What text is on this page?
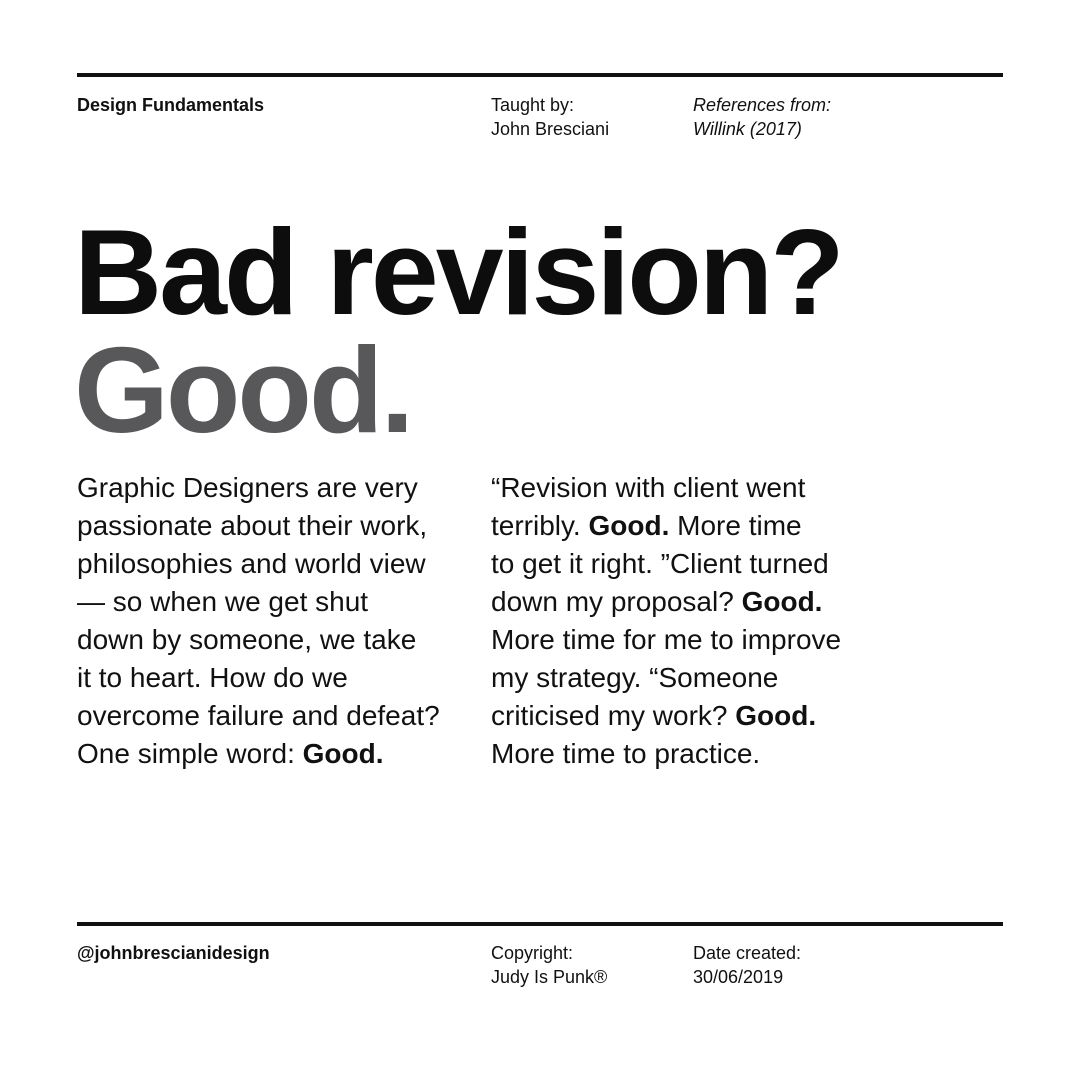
Design Fundamentals	Taught by:
John Bresciani
References from:
Willink (2017)
Bad revision?
Good.
Graphic Designers are very
passionate about their work,
philosophies and world view
— so when we get shut
down by someone, we take
it to heart. How do we
overcome failure and defeat?
One simple word: Good.
“Revision with client went
terribly. Good. More time
to get it right. ”Client turned
down my proposal? Good.
More time for me to improve
my strategy. “Someone
criticised my work? Good.
More time to practice.
@johnbrescianidesign	Copyright:
Judy Is Punk®
Date created:
30/06/2019
